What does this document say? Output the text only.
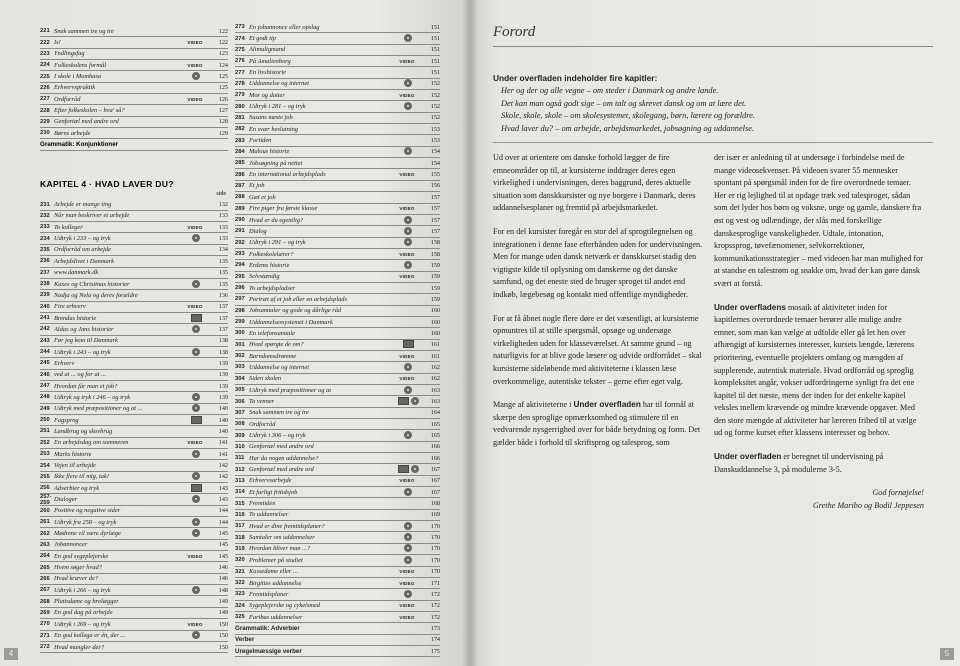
221 Snak sammen tre og tre	122
222 Is!	VIDEO	122
223 Yndlingsfag	123
224 Folkeskolens formål	VIDEO	124
225 I skole i Mombasa	125
226 Erhvervspraktik	125
227 Ordforråd	VIDEO	126
228 Efter folkeskolen – hva' så?	127
229 Genfortæl med andre ord	128
230 Børns arbejde	129
Grammatik: Konjunktioner
KAPITEL 4 · HVAD LAVER DU?
side
231 Arbejde er mange ting	132
232 Når man beskriver et arbejde	133
233 To kolleger	VIDEO	133
234 Udtryk i 233 – og tryk	133
235 Ordforråd om arbejde	134
236 Arbejdslivet i Danmark	135
237 www.danmark.dk	135
238 Kaxes og Christinas historier	135
239 Nadja og Nela og deres forældre	136
240 Fire erhverv	VIDEO	137
241 Brendas historie	137
242 Aldas og Jans historier	137
243 Før jeg kom til Danmark	138
244 Udtryk i 243 – og tryk	138
245 Erhverv	139
246 ved at ... og for at ...	139
247 Hvordan får man et job?	139
248 Udtryk og tryk i 246 – og tryk	139
249 Udtryk med præpositioner og at ...	140
250 Fagsprog	140
251 Landbrug og skovbrug	140
252 En arbejdsdag om sommeren	VIDEO	141
253 Marks historie	141
254 Vejen til arbejde	142
255 Ikke flere til mig, tak!	142
256 Adverbier og tryk	143
257-259 Dialoger	143
260 Positive og negative sider	144
261 Udtryk fra 258 – og tryk	144
262 Mødrene vil være dyrlæge	145
263 Jobannoncer	145
264 En god sygeplejerske	VIDEO	145
265 Hvem søger hvad?	146
266 Hvad kræver de?	146
267 Udtryk i 266 – og tryk	148
268 Plattsdame og brolægger	149
269 En god dag på arbejde	149
270 Udtryk i 269 – og tryk	VIDEO	150
271 En god kollega er én, der ...	150
272 Hvad mangler der?	150
273 En jobannonce eller opslag	151
274 Et godt tip	151
275 Altmuligmand	151
276 På Amalienborg	VIDEO	151
277 En livshistorie	151
278 Uddannelse og internet	152
279 Mor og datter	VIDEO	152
280 Udtryk i 281 – og tryk	152
281 Susans næste job	152
282 En svær beslutning	153
283 Fortiden	153
284 Malous historie	154
285 Jobsøgning på nettet	154
286 En international arbejdsplads	VIDEO	155
287 Et job	156
288 Gæt et job	157
289 Fire piger fra første klasse	VIDEO	157
290 Hvad er du egentlig?	157
291 Dialog	157
292 Udtryk i 291 – og tryk	158
293 Folkeskolelærer?	VIDEO	158
294 Erdems historie	159
295 Selvstændig	VIDEO	159
296 To arbejdspladser	159
297 Portræt af et job eller en arbejdsplads	159
298 Jobsamtaler og gode og dårlige råd	160
299 Uddannelsessystemet i Danmark	160
300 En telefonsamtale	160
301 Hvad spørgte de om?	161
302 Barndomsdrømme	VIDEO	161
303 Uddannelse og internet	162
304 Siden skolen	VIDEO	162
305 Udtryk med præpositioner og at	163
306 To venner	163
307 Snak sammen tre og tre	164
308 Ordforråd	165
309 Udtryk i 306 – og tryk	165
310 Genfortæl med andre ord	166
311 Har du nogen uddannelse?	166
312 Genfortæl med andre ord	167
313 Erhvervsarbejde	VIDEO	167
314 Et farligt fritidsjob	167
315 Fremtiden	168
316 To uddannelser	169
317 Hvad er dine fremtidsplaner?	170
318 Samtaler om uddannelser	170
319 Hvordan bliver man ...?	170
320 Problemer på studiet	170
321 Kassedame eller ...	VIDEO	170
322 Birgittes uddannelse	VIDEO	171
323 Fremtidsplaner	172
324 Sygeplejerske og cykelsmed	VIDEO	172
325 Faribas uddannelser	VIDEO	172
Grammatik: Adverbier	173
Verber	174
Uregelmæssige verber	175
4
Forord
Under overfladen indeholder fire kapitler:
Her og der og alle vegne – om steder i Danmark og andre lande.
Det kan man også godt sige – om talt og skrevet dansk og om at lære det.
Skole, skole, skole – om skolesystemet, skolegang, børn, lærere og forældre.
Hvad laver du? – om arbejde, arbejdsmarkedet, jobsøgning og uddannelse.

Ud over at orientere om danske forhold lægger de fire emneområder op til, at kursisterne inddrager deres egen virkelighed i undervisningen, deres baggrund, deres aktuelle situation som danskkursister og nye borgere i Danmark, deres uddannelsesplaner og fremtid på arbejdsmarkedet.

For en del kursister foregår en stor del af sprogtilegnelsen og integrationen i denne fase efterhånden uden for undervisningen. Men for mange uden dansk netværk er danskkurset stadig den vigtigste kilde til oplysning om danskerne og det danske samfund, og det eneste sted de bruger sproget til andet end indkøb, lægebesøg og kontakt med offentlige myndigheder.

For at få åbnet nogle flere døre er det væsentligt, at kursisterne opmuntres til at stille spørgsmål, opsøge og undersøge virkeligheden uden for klasseværelset. At samme grund – og naturligvis for at blive gode læsere og udvide ordforrådet – skal kursisterne sideløbende med aktiviteterne i klassen læse overkommelige, autentiske tekster – gerne efter eget valg.

Mange af aktiviteterne i Under overfladen har til formål at skærpe den sproglige opmærksomhed og stimulere til en vedvarende nysgerrighed over for både betydning og form. Det gælder både i forhold til skriftsprog og talesprog, som

der især er anledning til at undersøge i forbindelse med de mange videosekvenser. På videoen svarer 55 mennesker spontant på spørgsmål inden for de fire overordnede temaer. Her er rig lejlighed til at opdage træk ved talesproget, sådan som det lyder hos børn og voksne, unge og gamle, danskere fra øst og vest og udlændinge, der slås med forskellige danskesproglige vanskeligheder. Udtale, intonation, kropssprog, tøvefænomener, selvkorrektioner, kommunikationsstrategier – med videoen har man mulighed for at standse en talestrøm og snakke om, hvad der kan gøre dansk svært at forstå.

Under overfladens mosaik af aktiviteter inden for kapitlernes overordnede temaer berører alle mulige andre emner, som man kan vælge at udfolde eller gå let hen over afhængigt af kursisternes interesser, kursets længde, lærerens prioritering, eventuelle projekters omfang og mængden af supplerende, autentisk materiale. Hvad ordforråd og sproglig kompleksitet angår, vokser udfordringerne synligt fra det ene kapitel til det næste, mens der inden for det enkelte kapitel veksles mellem krævende og mindre krævende opgaver. Med den store mængde af aktiviteter har læreren frihed til at vælge ud og forme kurset efter klassens interesser og behov.

Under overfladen er beregnet til undervisning på Danskuddannelse 3, på modulerne 3-5.

God fornøjelse!
Grethe Maribo og Bodil Jeppesen
5
